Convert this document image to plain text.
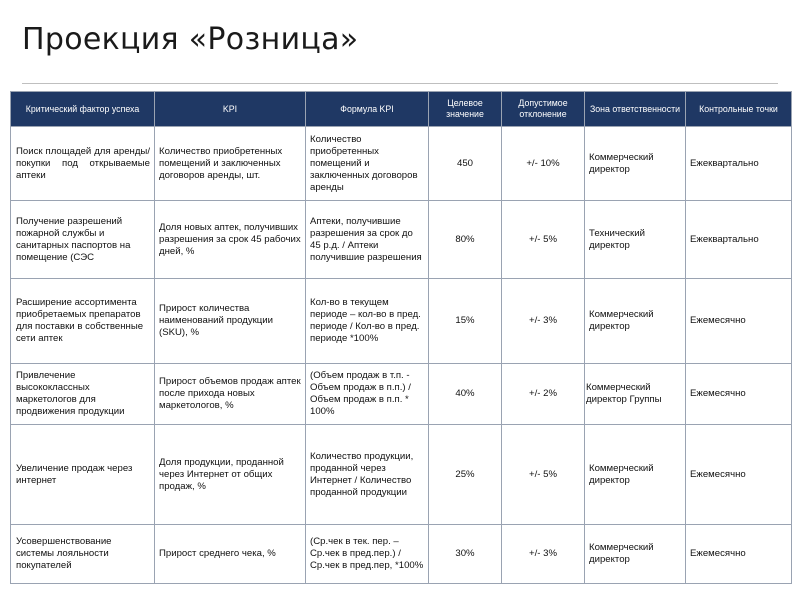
Проекция «Розница»
Критический фактор успеха	KPI	Формула KPI	Целевое значение	Допустимое отклонение	Зона ответственности	Контрольные точки
Поиск площадей для аренды/покупки под открываемые аптеки	Количество приобретенных помещений и заключенных договоров аренды, шт.	Количество приобретенных помещений и заключенных договоров аренды	450	+/- 10%	Коммерческий директор	Ежеквартально
Получение разрешений пожарной службы и санитарных паспортов на помещение (СЭС	Доля новых аптек, получивших разрешения за срок 45 рабочих дней, %	Аптеки, получившие разрешения за срок до 45 р.д. / Аптеки получившие разрешения	80%	+/- 5%	Технический директор	Ежеквартально
Расширение ассортимента приобретаемых препаратов для поставки в собственные сети аптек	Прирост количества наименований продукции (SKU), %	Кол-во в текущем периоде – кол-во в пред. периоде / Кол-во в пред. периоде *100%	15%	+/- 3%	Коммерческий директор	Ежемесячно
Привлечение высококлассных маркетологов для продвижения продукции	Прирост объемов продаж аптек после прихода новых маркетологов, %	(Объем продаж в т.п. - Объем продаж в п.п.) / Объем продаж в п.п. * 100%	40%	+/- 2%	Коммерческий директор Группы	Ежемесячно
Увеличение продаж через интернет	Доля продукции, проданной через Интернет от общих продаж, %	Количество продукции, проданной через Интернет / Количество проданной продукции	25%	+/- 5%	Коммерческий директор	Ежемесячно
Усовершенствование системы лояльности покупателей	Прирост среднего чека, %	(Ср.чек в тек. пер. – Ср.чек в пред.пер.) / Ср.чек в пред.пер, *100%	30%	+/- 3%	Коммерческий директор	Ежемесячно
